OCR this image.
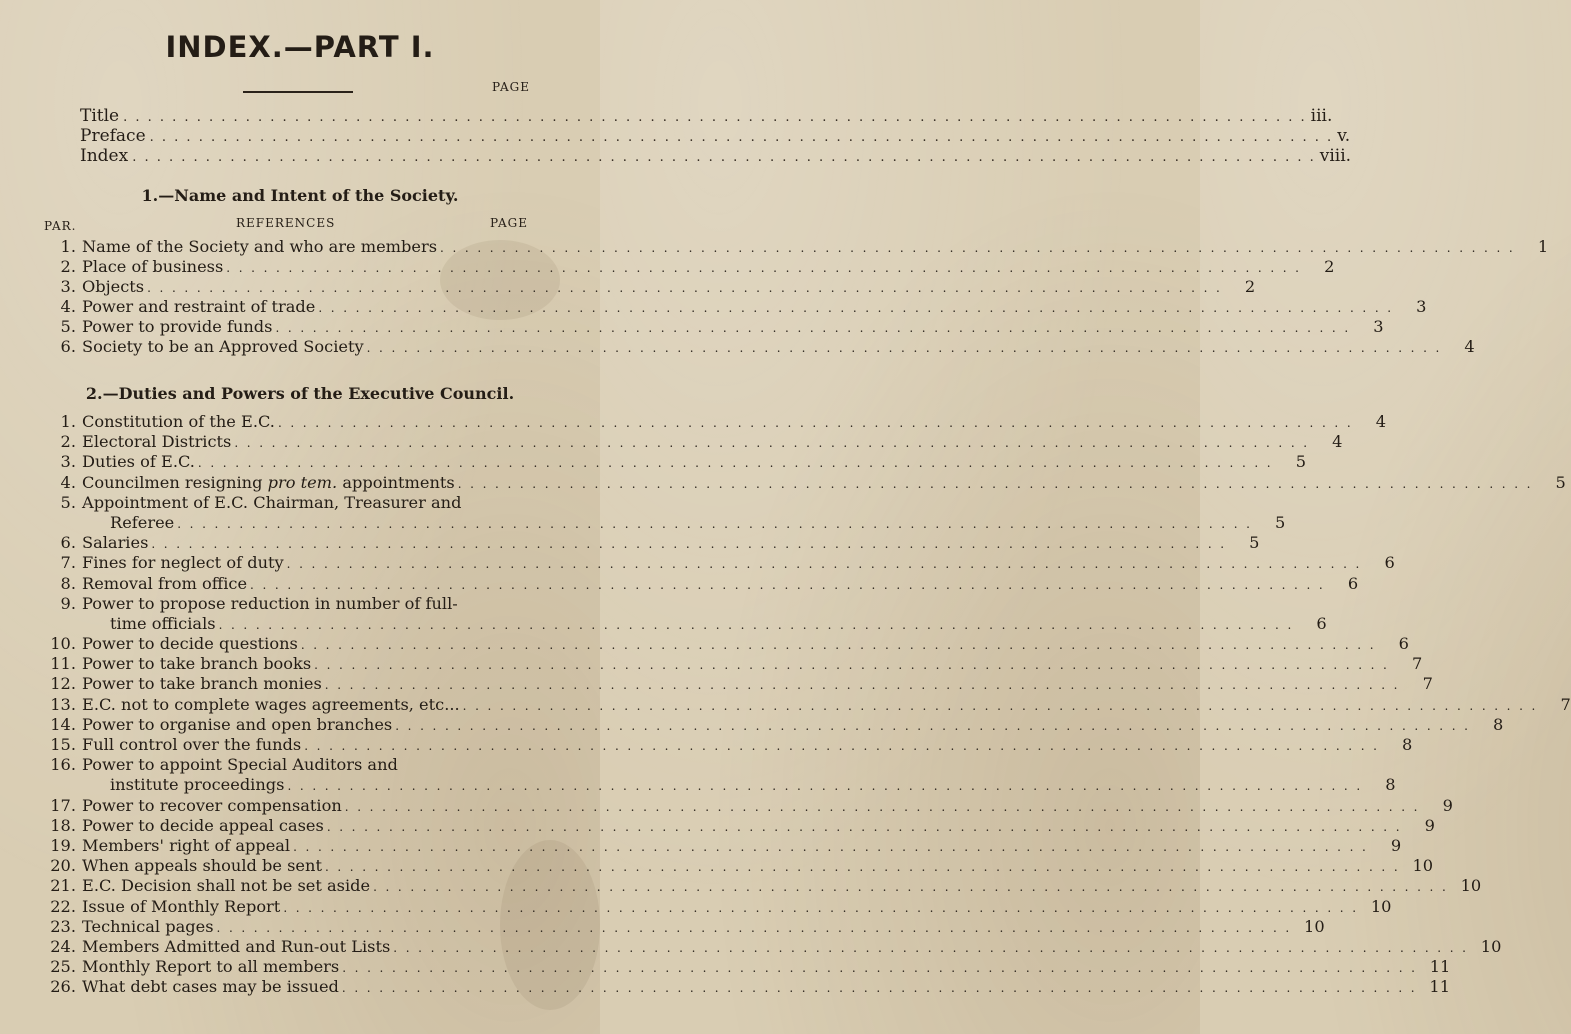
INDEX.—PART I.
PAGE
Title . . .	iii.
Preface . . .	v.
Index . . .	viii.
1.—Name and Intent of the Society.
PAR.	REFERENCES	PAGE
1. Name of the Society and who are members . . .	1
2. Place of business . . .	2
3. Objects . . .	2
4. Power and restraint of trade . . .	3
5. Power to provide funds . . .	3
6. Society to be an Approved Society . . .	4
2.—Duties and Powers of the Executive Council.
1. Constitution of the E.C. . . .	4
2. Electoral Districts . . .	4
3. Duties of E.C. . . .	5
4. Councilmen resigning pro tem. appointments . . .	5
5. Appointment of E.C. Chairman, Treasurer and
Referee . . .	5
6. Salaries . . .	5
7. Fines for neglect of duty . . .	6
8. Removal from office . . .	6
9. Power to propose reduction in number of full-
time officials . . .	6
10. Power to decide questions . . .	6
11. Power to take branch books . . .	7
12. Power to take branch monies . . .	7
13. E.C. not to complete wages agreements, etc... . . .	7
14. Power to organise and open branches . . .	8
15. Full control over the funds . . .	8
16. Power to appoint Special Auditors and
institute proceedings . . .	8
17. Power to recover compensation . . .	9
18. Power to decide appeal cases . . .	9
19. Members' right of appeal . . .	9
20. When appeals should be sent . . .	10
21. E.C. Decision shall not be set aside . . .	10
22. Issue of Monthly Report . . .	10
23. Technical pages . . .	10
24. Members Admitted and Run-out Lists . . .	10
25. Monthly Report to all members . . .	11
26. What debt cases may be issued . . .	11
